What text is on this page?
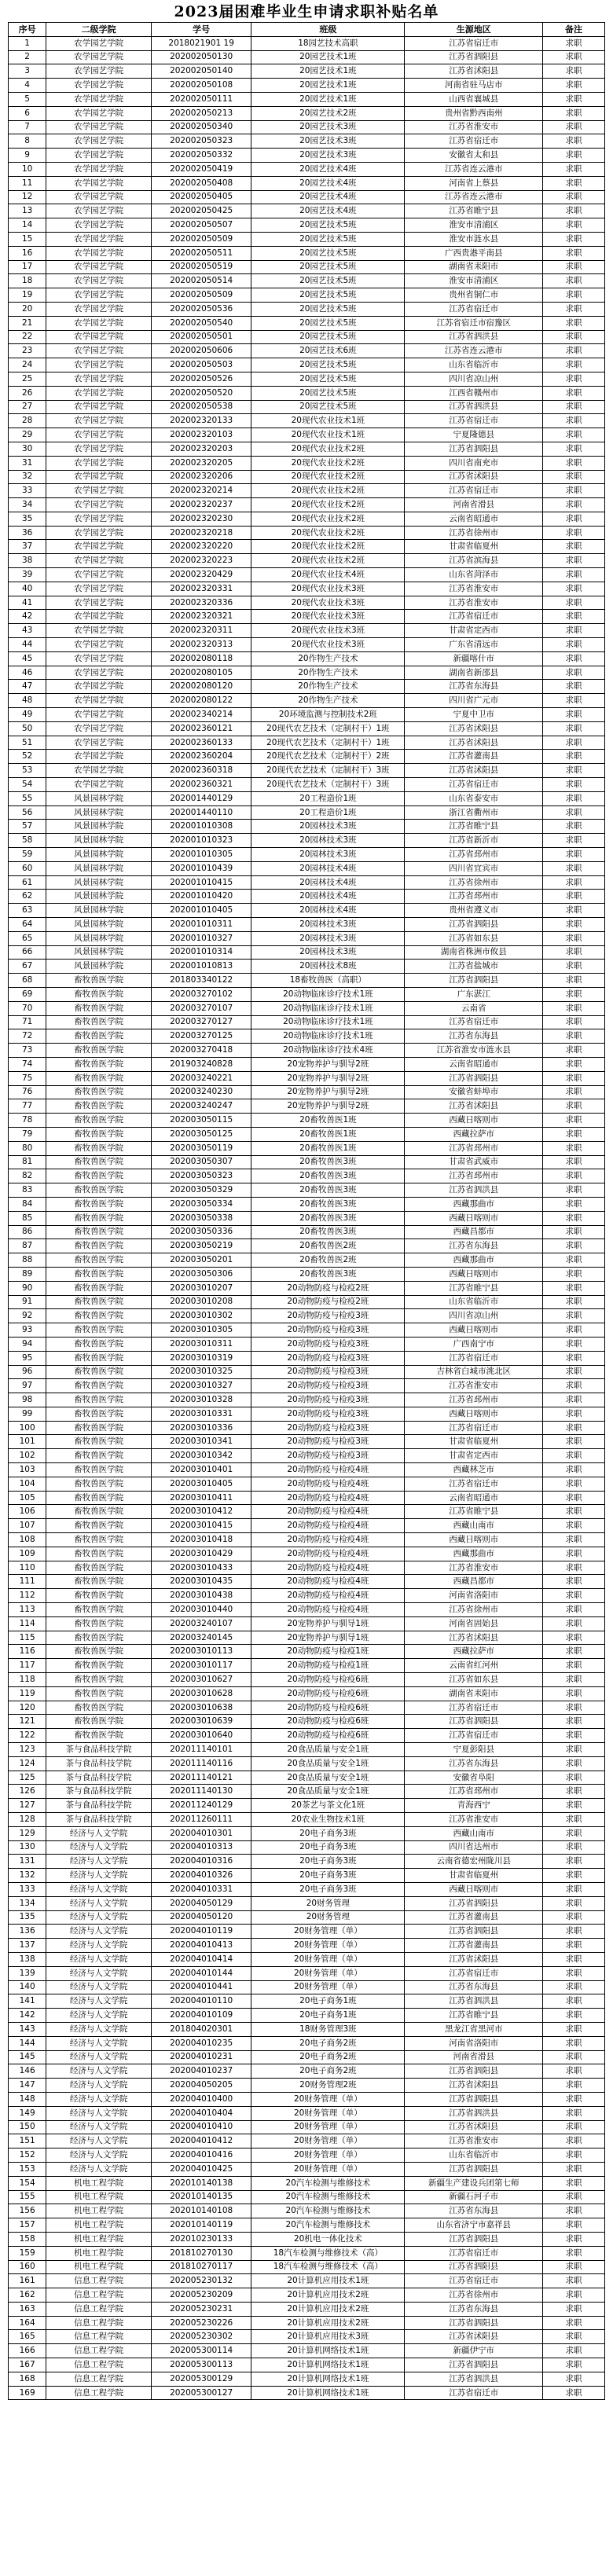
2023届困难毕业生申请求职补贴名单
序号	二级学院	学号	班级	生源地区	备注
1	农学园艺学院	2018021901 19	18园艺技术高职	江苏省宿迁市	求职
2	农学园艺学院	202002050130	20园艺技术1班	江苏省泗阳县	求职
3	农学园艺学院	202002050140	20园艺技术1班	江苏省沭阳县	求职
4	农学园艺学院	202002050108	20园艺技术1班	河南省驻马店市	求职
5	农学园艺学院	202002050111	20园艺技术1班	山西省襄城县	求职
6	农学园艺学院	202002050213	20园艺技术2班	贵州省黔西南州	求职
7	农学园艺学院	202002050340	20园艺技术3班	江苏省淮安市	求职
8	农学园艺学院	202002050323	20园艺技术3班	江苏省宿迁市	求职
9	农学园艺学院	202002050332	20园艺技术3班	安徽省太和县	求职
10	农学园艺学院	202002050419	20园艺技术4班	江苏省连云港市	求职
11	农学园艺学院	202002050408	20园艺技术4班	河南省上蔡县	求职
12	农学园艺学院	202002050405	20园艺技术4班	江苏省连云港市	求职
13	农学园艺学院	202002050425	20园艺技术4班	江苏省睢宁县	求职
14	农学园艺学院	202002050507	20园艺技术5班	淮安市清浦区	求职
15	农学园艺学院	202002050509	20园艺技术5班	淮安市涟水县	求职
16	农学园艺学院	202002050511	20园艺技术5班	广西贵港平南县	求职
17	农学园艺学院	202002050519	20园艺技术5班	湖南省耒阳市	求职
18	农学园艺学院	202002050514	20园艺技术5班	淮安市清浦区	求职
19	农学园艺学院	202002050509	20园艺技术5班	贵州省铜仁市	求职
20	农学园艺学院	202002050536	20园艺技术5班	江苏省宿迁市	求职
21	农学园艺学院	202002050540	20园艺技术5班	江苏省宿迁市宿豫区	求职
22	农学园艺学院	202002050501	20园艺技术5班	江苏省泗洪县	求职
23	农学园艺学院	202002050606	20园艺技术6班	江苏省连云港市	求职
24	农学园艺学院	202002050503	20园艺技术5班	山东省临沂市	求职
25	农学园艺学院	202002050526	20园艺技术5班	四川省凉山州	求职
26	农学园艺学院	202002050520	20园艺技术5班	江西省赣州市	求职
27	农学园艺学院	202002050538	20园艺技术5班	江苏省泗洪县	求职
28	农学园艺学院	202002320133	20现代农业技术1班	江苏省宿迁市	求职
29	农学园艺学院	202002320103	20现代农业技术1班	宁夏隆德县	求职
30	农学园艺学院	202002320203	20现代农业技术2班	江苏省泗阳县	求职
31	农学园艺学院	202002320205	20现代农业技术2班	四川省南充市	求职
32	农学园艺学院	202002320206	20现代农业技术2班	江苏省沭阳县	求职
33	农学园艺学院	202002320214	20现代农业技术2班	江苏省宿迁市	求职
34	农学园艺学院	202002320237	20现代农业技术2班	河南省滑县	求职
35	农学园艺学院	202002320230	20现代农业技术2班	云南省昭通市	求职
36	农学园艺学院	202002320218	20现代农业技术2班	江苏省徐州市	求职
37	农学园艺学院	202002320220	20现代农业技术2班	甘肃省临夏州	求职
38	农学园艺学院	202002320223	20现代农业技术2班	江苏省滨海县	求职
39	农学园艺学院	202002320429	20现代农业技术4班	山东省菏泽市	求职
40	农学园艺学院	202002320331	20现代农业技术3班	江苏省淮安市	求职
41	农学园艺学院	202002320336	20现代农业技术3班	江苏省淮安市	求职
42	农学园艺学院	202002320321	20现代农业技术3班	江苏省宿迁市	求职
43	农学园艺学院	202002320311	20现代农业技术3班	甘肃省定西市	求职
44	农学园艺学院	202002320313	20现代农业技术3班	广东省清远市	求职
45	农学园艺学院	202002080118	20作物生产技术	新疆喀什市	求职
46	农学园艺学院	202002080105	20作物生产技术	湖南省新邵县	求职
47	农学园艺学院	202002080120	20作物生产技术	江苏省东海县	求职
48	农学园艺学院	202002080122	20作物生产技术	四川省广元市	求职
49	农学园艺学院	202002340214	20环境监测与控制技术2班	宁夏中卫市	求职
50	农学园艺学院	202002360121	20现代农艺技术（定制村干）1班	江苏省沭阳县	求职
51	农学园艺学院	202002360133	20现代农艺技术（定制村干）1班	江苏省沭阳县	求职
52	农学园艺学院	202002360204	20现代农艺技术（定制村干）2班	江苏省灌南县	求职
53	农学园艺学院	202002360318	20现代农艺技术（定制村干）3班	江苏省沭阳县	求职
54	农学园艺学院	202002360321	20现代农艺技术（定制村干）3班	江苏省宿迁市	求职
55	风景园林学院	202001440129	20工程造价1班	山东省泰安市	求职
56	风景园林学院	202001440110	20工程造价1班	浙江省衢州市	求职
57	风景园林学院	202001010308	20园林技术3班	江苏省睢宁县	求职
58	风景园林学院	202001010323	20园林技术3班	江苏省新沂市	求职
59	风景园林学院	202001010305	20园林技术3班	江苏省邳州市	求职
60	风景园林学院	202001010439	20园林技术4班	四川省宜宾市	求职
61	风景园林学院	202001010415	20园林技术4班	江苏省徐州市	求职
62	风景园林学院	202001010420	20园林技术4班	江苏省邳州市	求职
63	风景园林学院	202001010405	20园林技术4班	贵州省遵义市	求职
64	风景园林学院	202001010311	20园林技术3班	江苏省泗阳县	求职
65	风景园林学院	202001010327	20园林技术3班	江苏省如东县	求职
66	风景园林学院	202001010314	20园林技术3班	湖南省株洲市攸县	求职
67	风景园林学院	202001010813	20园林技术8班	江苏省盐城市	求职
68	畜牧兽医学院	201803340122	18畜牧兽医（高职）	江苏省泗阳县	求职
69	畜牧兽医学院	202003270102	20动物临床诊疗技术1班	广东湛江	求职
70	畜牧兽医学院	202003270107	20动物临床诊疗技术1班	云南省	求职
71	畜牧兽医学院	202003270127	20动物临床诊疗技术1班	江苏省宿迁市	求职
72	畜牧兽医学院	202003270125	20动物临床诊疗技术1班	江苏省东海县	求职
73	畜牧兽医学院	202003270418	20动物临床诊疗技术4班	江苏省淮安市涟水县	求职
74	畜牧兽医学院	201903240828	20宠物养护与驯导2班	云南省昭通市	求职
75	畜牧兽医学院	202003240221	20宠物养护与驯导2班	江苏省泗阳县	求职
76	畜牧兽医学院	202003240230	20宠物养护与驯导2班	安徽省蚌埠市	求职
77	畜牧兽医学院	202003240247	20宠物养护与驯导2班	江苏省沭阳县	求职
78	畜牧兽医学院	202003050115	20畜牧兽医1班	西藏日喀则市	求职
79	畜牧兽医学院	202003050125	20畜牧兽医1班	西藏拉萨市	求职
80	畜牧兽医学院	202003050119	20畜牧兽医1班	江苏省邳州市	求职
81	畜牧兽医学院	202003050307	20畜牧兽医3班	甘肃省武威市	求职
82	畜牧兽医学院	202003050323	20畜牧兽医3班	江苏省邳州市	求职
83	畜牧兽医学院	202003050329	20畜牧兽医3班	江苏省泗洪县	求职
84	畜牧兽医学院	202003050334	20畜牧兽医3班	西藏那曲市	求职
85	畜牧兽医学院	202003050338	20畜牧兽医3班	西藏日喀则市	求职
86	畜牧兽医学院	202003050336	20畜牧兽医3班	西藏昌都市	求职
87	畜牧兽医学院	202003050219	20畜牧兽医2班	江苏省东海县	求职
88	畜牧兽医学院	202003050201	20畜牧兽医2班	西藏那曲市	求职
89	畜牧兽医学院	202003050306	20畜牧兽医3班	西藏日喀则市	求职
90	畜牧兽医学院	202003010207	20动物防疫与检疫2班	江苏省睢宁县	求职
91	畜牧兽医学院	202003010208	20动物防疫与检疫2班	山东省临沂市	求职
92	畜牧兽医学院	202003010302	20动物防疫与检疫3班	四川省凉山州	求职
93	畜牧兽医学院	202003010305	20动物防疫与检疫3班	西藏日喀则市	求职
94	畜牧兽医学院	202003010311	20动物防疫与检疫3班	广西南宁市	求职
95	畜牧兽医学院	202003010319	20动物防疫与检疫3班	江苏省宿迁市	求职
96	畜牧兽医学院	202003010325	20动物防疫与检疫3班	吉林省白城市洮北区	求职
97	畜牧兽医学院	202003010327	20动物防疫与检疫3班	江苏省淮安市	求职
98	畜牧兽医学院	202003010328	20动物防疫与检疫3班	江苏省邳州市	求职
99	畜牧兽医学院	202003010331	20动物防疫与检疫3班	西藏日喀则市	求职
100	畜牧兽医学院	202003010336	20动物防疫与检疫3班	江苏省宿迁市	求职
101	畜牧兽医学院	202003010341	20动物防疫与检疫3班	甘肃省临夏州	求职
102	畜牧兽医学院	202003010342	20动物防疫与检疫3班	甘肃省定西市	求职
103	畜牧兽医学院	202003010401	20动物防疫与检疫4班	西藏林芝市	求职
104	畜牧兽医学院	202003010405	20动物防疫与检疫4班	江苏省宿迁市	求职
105	畜牧兽医学院	202003010411	20动物防疫与检疫4班	云南省昭通市	求职
106	畜牧兽医学院	202003010412	20动物防疫与检疫4班	江苏省睢宁县	求职
107	畜牧兽医学院	202003010415	20动物防疫与检疫4班	西藏山南市	求职
108	畜牧兽医学院	202003010418	20动物防疫与检疫4班	西藏日喀则市	求职
109	畜牧兽医学院	202003010429	20动物防疫与检疫4班	西藏那曲市	求职
110	畜牧兽医学院	202003010433	20动物防疫与检疫4班	江苏省淮安市	求职
111	畜牧兽医学院	202003010435	20动物防疫与检疫4班	西藏昌都市	求职
112	畜牧兽医学院	202003010438	20动物防疫与检疫4班	河南省洛阳市	求职
113	畜牧兽医学院	202003010440	20动物防疫与检疫4班	江苏省徐州市	求职
114	畜牧兽医学院	202003240107	20宠物养护与驯导1班	河南省固始县	求职
115	畜牧兽医学院	202003240145	20宠物养护与驯导1班	江苏省沭阳县	求职
116	畜牧兽医学院	202003010113	20动物防疫与检疫1班	西藏拉萨市	求职
117	畜牧兽医学院	202003010117	20动物防疫与检疫1班	云南省红河州	求职
118	畜牧兽医学院	202003010627	20动物防疫与检疫6班	江苏省如东县	求职
119	畜牧兽医学院	202003010628	20动物防疫与检疫6班	湖南省耒阳市	求职
120	畜牧兽医学院	202003010638	20动物防疫与检疫6班	江苏省宿迁市	求职
121	畜牧兽医学院	202003010639	20动物防疫与检疫6班	江苏省泗阳县	求职
122	畜牧兽医学院	202003010640	20动物防疫与检疫6班	江苏省宿迁市	求职
123	茶与食品科技学院	202011140101	20食品质量与安全1班	宁夏彭阳县	求职
124	茶与食品科技学院	202011140116	20食品质量与安全1班	江苏省东海县	求职
125	茶与食品科技学院	202011140121	20食品质量与安全1班	安徽省阜阳	求职
126	茶与食品科技学院	202011140130	20食品质量与安全1班	江苏省邳州市	求职
127	茶与食品科技学院	202011240129	20茶艺与茶文化1班	青海西宁	求职
128	茶与食品科技学院	202011260111	20农业生物技术1班	江苏省淮安市	求职
129	经济与人文学院	202004010301	20电子商务3班	西藏山南市	求职
130	经济与人文学院	202004010313	20电子商务3班	四川省达州市	求职
131	经济与人文学院	202004010316	20电子商务3班	云南省德宏州陇川县	求职
132	经济与人文学院	202004010326	20电子商务3班	甘肃省临夏州	求职
133	经济与人文学院	202004010331	20电子商务3班	西藏日喀则市	求职
134	经济与人文学院	202004050129	20财务管理	江苏省泗阳县	求职
135	经济与人文学院	202004050120	20财务管理	江苏省灌南县	求职
136	经济与人文学院	202004010119	20财务管理（单）	江苏省泗阳县	求职
137	经济与人文学院	202004010413	20财务管理（单）	江苏省灌南县	求职
138	经济与人文学院	202004010414	20财务管理（单）	江苏省沭阳县	求职
139	经济与人文学院	202004010144	20财务管理（单）	江苏省宿迁市	求职
140	经济与人文学院	202004010441	20财务管理（单）	江苏省东海县	求职
141	经济与人文学院	202004010110	20电子商务1班	江苏省泗洪县	求职
142	经济与人文学院	202004010109	20电子商务1班	江苏省睢宁县	求职
143	经济与人文学院	201804020301	18财务管理3班	黑龙江省黑河市	求职
144	经济与人文学院	202004010235	20电子商务2班	河南省洛阳市	求职
145	经济与人文学院	202004010231	20电子商务2班	河南省滑县	求职
146	经济与人文学院	202004010237	20电子商务2班	江苏省泗阳县	求职
147	经济与人文学院	202004050205	20财务管理2班	江苏省沭阳县	求职
148	经济与人文学院	202004010400	20财务管理（单）	江苏省泗阳县	求职
149	经济与人文学院	202004010404	20财务管理（单）	江苏省泗洪县	求职
150	经济与人文学院	202004010410	20财务管理（单）	江苏省沭阳县	求职
151	经济与人文学院	202004010412	20财务管理（单）	江苏省淮安市	求职
152	经济与人文学院	202004010416	20财务管理（单）	山东省临沂市	求职
153	经济与人文学院	202004010425	20财务管理（单）	江苏省泗阳县	求职
154	机电工程学院	202010140138	20汽车检测与维修技术	新疆生产建设兵团第七师	求职
155	机电工程学院	202010140135	20汽车检测与维修技术	新疆石河子市	求职
156	机电工程学院	202010140108	20汽车检测与维修技术	江苏省东海县	求职
157	机电工程学院	202010140119	20汽车检测与维修技术	山东省济宁市嘉祥县	求职
158	机电工程学院	202010230133	20机电一体化技术	江苏省泗阳县	求职
159	机电工程学院	201810270130	18汽车检测与维修技术（高）	江苏省宿迁市	求职
160	机电工程学院	201810270117	18汽车检测与维修技术（高）	江苏省泗阳县	求职
161	信息工程学院	202005230132	20计算机应用技术1班	江苏省宿迁市	求职
162	信息工程学院	202005230209	20计算机应用技术2班	江苏省徐州市	求职
163	信息工程学院	202005230231	20计算机应用技术2班	江苏省东海县	求职
164	信息工程学院	202005230226	20计算机应用技术2班	江苏省泗阳县	求职
165	信息工程学院	202005230302	20计算机应用技术3班	江苏省沭阳县	求职
166	信息工程学院	202005300114	20计算机网络技术1班	新疆伊宁市	求职
167	信息工程学院	202005300113	20计算机网络技术1班	江苏省泗阳县	求职
168	信息工程学院	202005300129	20计算机网络技术1班	江苏省泗洪县	求职
169	信息工程学院	202005300127	20计算机网络技术1班	江苏省宿迁市	求职
